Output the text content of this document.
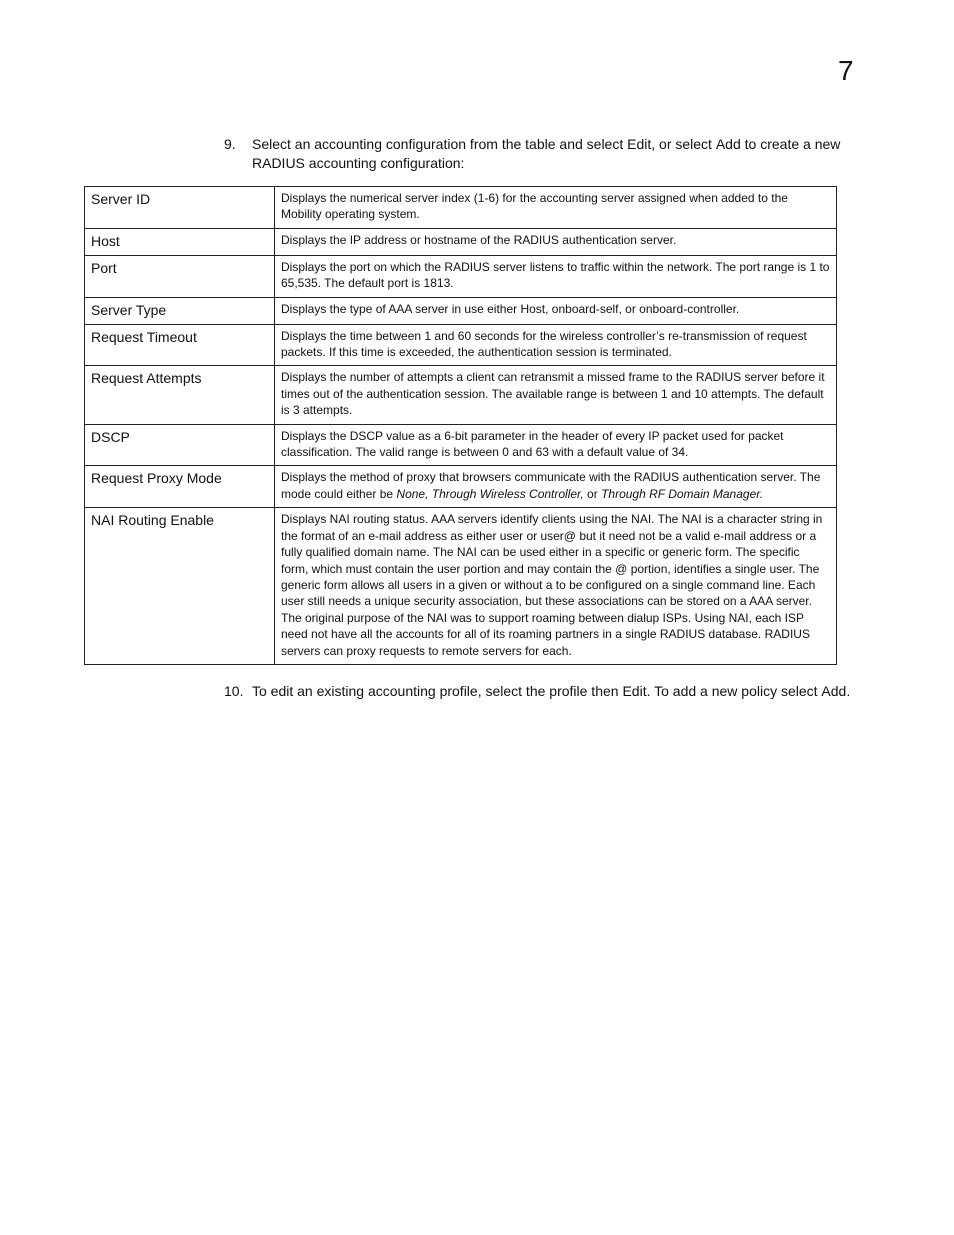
7
9. Select an accounting configuration from the table and select Edit, or select Add to create a new RADIUS accounting configuration:
Server ID	Displays the numerical server index (1-6) for the accounting server assigned when added to the Mobility operating system.
Host	Displays the IP address or hostname of the RADIUS authentication server.
Port	Displays the port on which the RADIUS server listens to traffic within the network. The port range is 1 to 65,535. The default port is 1813.
Server Type	Displays the type of AAA server in use either Host, onboard-self, or onboard-controller.
Request Timeout	Displays the time between 1 and 60 seconds for the wireless controller’s re-transmission of request packets. If this time is exceeded, the authentication session is terminated.
Request Attempts	Displays the number of attempts a client can retransmit a missed frame to the RADIUS server before it times out of the authentication session. The available range is between 1 and 10 attempts. The default is 3 attempts.
DSCP	Displays the DSCP value as a 6-bit parameter in the header of every IP packet used for packet classification. The valid range is between 0 and 63 with a default value of 34.
Request Proxy Mode	Displays the method of proxy that browsers communicate with the RADIUS authentication server. The mode could either be None, Through Wireless Controller, or Through RF Domain Manager.
NAI Routing Enable	Displays NAI routing status. AAA servers identify clients using the NAI. The NAI is a character string in the format of an e-mail address as either user or user@ but it need not be a valid e-mail address or a fully qualified domain name. The NAI can be used either in a specific or generic form. The specific form, which must contain the user portion and may contain the @ portion, identifies a single user. The generic form allows all users in a given or without a to be configured on a single command line. Each user still needs a unique security association, but these associations can be stored on a AAA server. The original purpose of the NAI was to support roaming between dialup ISPs. Using NAI, each ISP need not have all the accounts for all of its roaming partners in a single RADIUS database. RADIUS servers can proxy requests to remote servers for each.
10. To edit an existing accounting profile, select the profile then Edit. To add a new policy select Add.
